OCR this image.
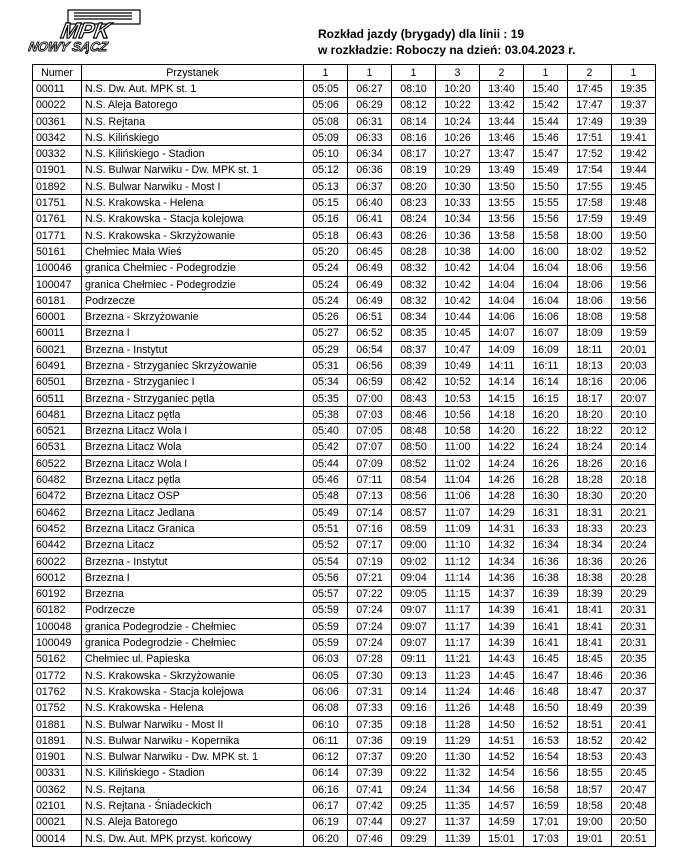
MPK
NOWY SĄCZ
Rozkład jazdy (brygady) dla linii : 19
w rozkładzie: Roboczy na dzień: 03.04.2023 r.
Numer	Przystanek	1	1	1	3	2	1	2	1
00011	N.S. Dw. Aut. MPK st. 1	05:05	06:27	08:10	10:20	13:40	15:40	17:45	19:35
00022	N.S. Aleja Batorego	05:06	06:29	08:12	10:22	13:42	15:42	17:47	19:37
00361	N.S. Rejtana	05:08	06:31	08:14	10:24	13:44	15:44	17:49	19:39
00342	N.S. Kilińskiego	05:09	06:33	08:16	10:26	13:46	15:46	17:51	19:41
00332	N.S. Kilińskiego - Stadion	05:10	06:34	08:17	10:27	13:47	15:47	17:52	19:42
01901	N.S. Bulwar Narwiku - Dw. MPK st. 1	05:12	06:36	08:19	10:29	13:49	15:49	17:54	19:44
01892	N.S. Bulwar Narwiku - Most I	05:13	06:37	08:20	10:30	13:50	15:50	17:55	19:45
01751	N.S. Krakowska - Helena	05:15	06:40	08:23	10:33	13:55	15:55	17:58	19:48
01761	N.S. Krakowska - Stacja kolejowa	05:16	06:41	08:24	10:34	13:56	15:56	17:59	19:49
01771	N.S. Krakowska - Skrzyżowanie	05:18	06:43	08:26	10:36	13:58	15:58	18:00	19:50
50161	Chełmiec Mała Wieś	05:20	06:45	08:28	10:38	14:00	16:00	18:02	19:52
100046	granica Chełmiec - Podegrodzie	05:24	06:49	08:32	10:42	14:04	16:04	18:06	19:56
100047	granica Chełmiec - Podegrodzie	05:24	06:49	08:32	10:42	14:04	16:04	18:06	19:56
60181	Podrzecze	05:24	06:49	08:32	10:42	14:04	16:04	18:06	19:56
60001	Brzezna - Skrzyżowanie	05:26	06:51	08:34	10:44	14:06	16:06	18:08	19:58
60011	Brzezna I	05:27	06:52	08:35	10:45	14:07	16:07	18:09	19:59
60021	Brzezna - Instytut	05:29	06:54	08:37	10:47	14:09	16:09	18:11	20:01
60491	Brzezna - Strzyganiec Skrzyżowanie	05:31	06:56	08:39	10:49	14:11	16:11	18:13	20:03
60501	Brzezna - Strzyganiec I	05:34	06:59	08:42	10:52	14:14	16:14	18:16	20:06
60511	Brzezna - Strzyganiec pętla	05:35	07:00	08:43	10:53	14:15	16:15	18:17	20:07
60481	Brzezna Litacz pętla	05:38	07:03	08:46	10:56	14:18	16:20	18:20	20:10
60521	Brzezna Litacz Wola I	05:40	07:05	08:48	10:58	14:20	16:22	18:22	20:12
60531	Brzezna Litacz Wola	05:42	07:07	08:50	11:00	14:22	16:24	18:24	20:14
60522	Brzezna Litacz Wola I	05:44	07:09	08:52	11:02	14:24	16:26	18:26	20:16
60482	Brzezna Litacz pętla	05:46	07:11	08:54	11:04	14:26	16:28	18:28	20:18
60472	Brzezna Litacz OSP	05:48	07:13	08:56	11:06	14:28	16:30	18:30	20:20
60462	Brzezna Litacz Jedlana	05:49	07:14	08:57	11:07	14:29	16:31	18:31	20:21
60452	Brzezna Litacz Granica	05:51	07:16	08:59	11:09	14:31	16:33	18:33	20:23
60442	Brzezna Litacz	05:52	07:17	09:00	11:10	14:32	16:34	18:34	20:24
60022	Brzezna - Instytut	05:54	07:19	09:02	11:12	14:34	16:36	18:36	20:26
60012	Brzezna I	05:56	07:21	09:04	11:14	14:36	16:38	18:38	20:28
60192	Brzezna	05:57	07:22	09:05	11:15	14:37	16:39	18:39	20:29
60182	Podrzecze	05:59	07:24	09:07	11:17	14:39	16:41	18:41	20:31
100048	granica Podegrodzie - Chełmiec	05:59	07:24	09:07	11:17	14:39	16:41	18:41	20:31
100049	granica Podegrodzie - Chełmiec	05:59	07:24	09:07	11:17	14:39	16:41	18:41	20:31
50162	Chełmiec ul. Papieska	06:03	07:28	09:11	11:21	14:43	16:45	18:45	20:35
01772	N.S. Krakowska - Skrzyżowanie	06:05	07:30	09:13	11:23	14:45	16:47	18:46	20:36
01762	N.S. Krakowska - Stacja kolejowa	06:06	07:31	09:14	11:24	14:46	16:48	18:47	20:37
01752	N.S. Krakowska - Helena	06:08	07:33	09:16	11:26	14:48	16:50	18:49	20:39
01881	N.S. Bulwar Narwiku - Most II	06:10	07:35	09:18	11:28	14:50	16:52	18:51	20:41
01891	N.S. Bulwar Narwiku - Kopernika	06:11	07:36	09:19	11:29	14:51	16:53	18:52	20:42
01901	N.S. Bulwar Narwiku - Dw. MPK st. 1	06:12	07:37	09:20	11:30	14:52	16:54	18:53	20:43
00331	N.S. Kilińskiego - Stadion	06:14	07:39	09:22	11:32	14:54	16:56	18:55	20:45
00362	N.S. Rejtana	06:16	07:41	09:24	11:34	14:56	16:58	18:57	20:47
02101	N.S. Rejtana - Śniadeckich	06:17	07:42	09:25	11:35	14:57	16:59	18:58	20:48
00021	N.S. Aleja Batorego	06:19	07:44	09:27	11:37	14:59	17:01	19:00	20:50
00014	N.S. Dw. Aut. MPK przyst. końcowy	06:20	07:46	09:29	11:39	15:01	17:03	19:01	20:51
